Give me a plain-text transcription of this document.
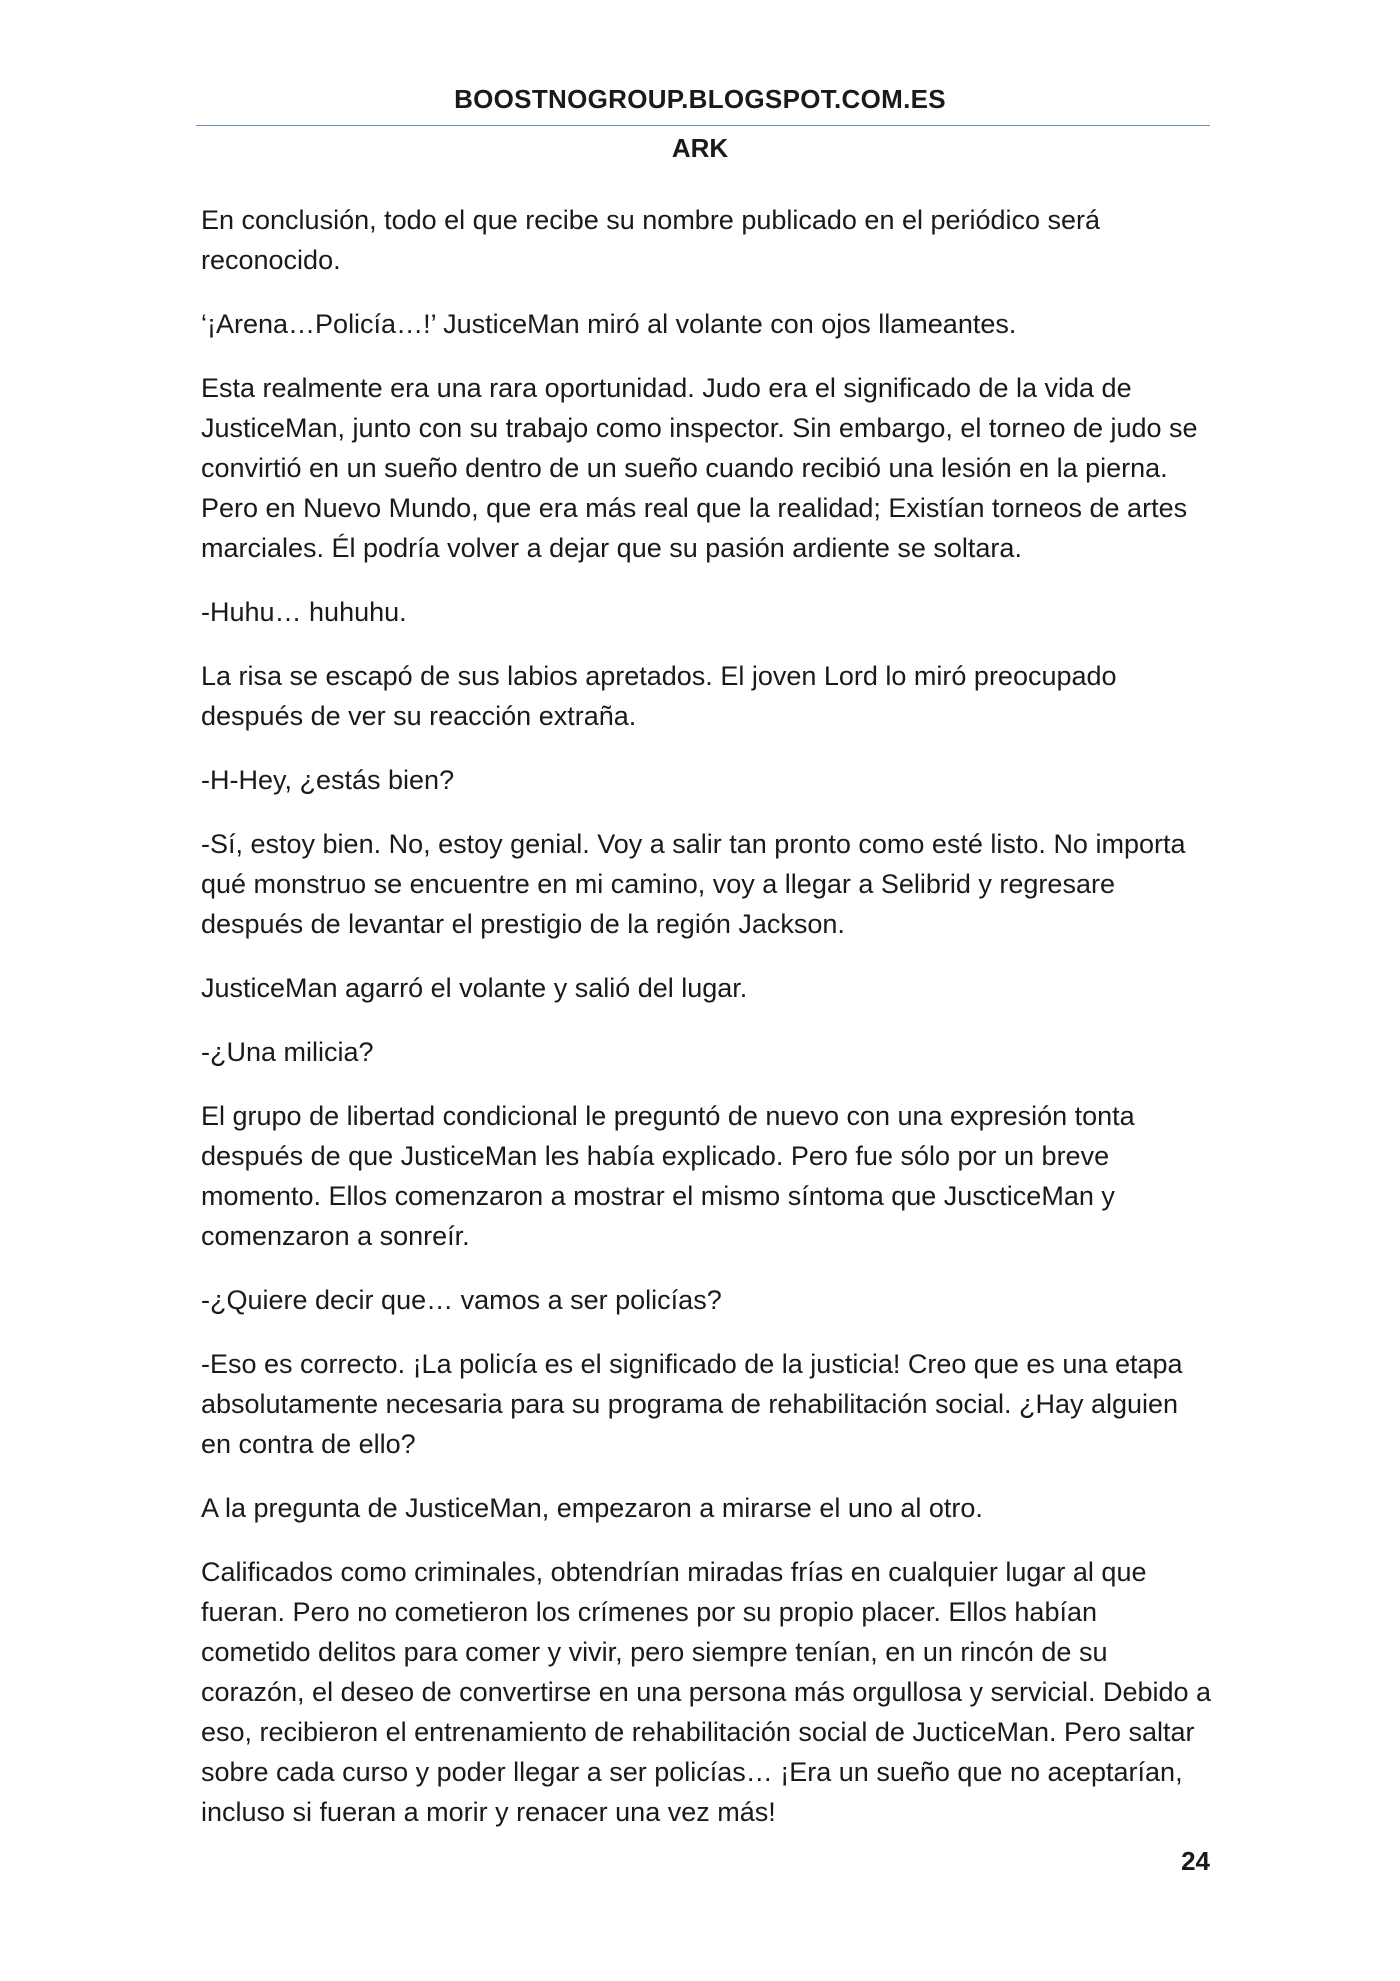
BOOSTNOGROUP.BLOGSPOT.COM.ES
ARK

En conclusión, todo el que recibe su nombre publicado en el periódico será reconocido.

‘¡Arena…Policía…!’ JusticeMan miró al volante con ojos llameantes.

Esta realmente era una rara oportunidad. Judo era el significado de la vida de JusticeMan, junto con su trabajo como inspector. Sin embargo, el torneo de judo se convirtió en un sueño dentro de un sueño cuando recibió una lesión en la pierna. Pero en Nuevo Mundo, que era más real que la realidad; Existían torneos de artes marciales. Él podría volver a dejar que su pasión ardiente se soltara.

-Huhu… huhuhu.

La risa se escapó de sus labios apretados. El joven Lord lo miró preocupado después de ver su reacción extraña.

-H-Hey, ¿estás bien?

-Sí, estoy bien. No, estoy genial. Voy a salir tan pronto como esté listo. No importa qué monstruo se encuentre en mi camino, voy a llegar a Selibrid y regresare después de levantar el prestigio de la región Jackson.

JusticeMan agarró el volante y salió del lugar.

-¿Una milicia?

El grupo de libertad condicional le preguntó de nuevo con una expresión tonta después de que JusticeMan les había explicado. Pero fue sólo por un breve momento. Ellos comenzaron a mostrar el mismo síntoma que JuscticeMan y comenzaron a sonreír.

-¿Quiere decir que… vamos a ser policías?

-Eso es correcto. ¡La policía es el significado de la justicia! Creo que es una etapa absolutamente necesaria para su programa de rehabilitación social. ¿Hay alguien en contra de ello?

A la pregunta de JusticeMan, empezaron a mirarse el uno al otro.

Calificados como criminales, obtendrían miradas frías en cualquier lugar al que fueran. Pero no cometieron los crímenes por su propio placer. Ellos habían cometido delitos para comer y vivir, pero siempre tenían, en un rincón de su corazón, el deseo de convertirse en una persona más orgullosa y servicial. Debido a eso, recibieron el entrenamiento de rehabilitación social de JucticeMan. Pero saltar sobre cada curso y poder llegar a ser policías… ¡Era un sueño que no aceptarían, incluso si fueran a morir y renacer una vez más!

24
